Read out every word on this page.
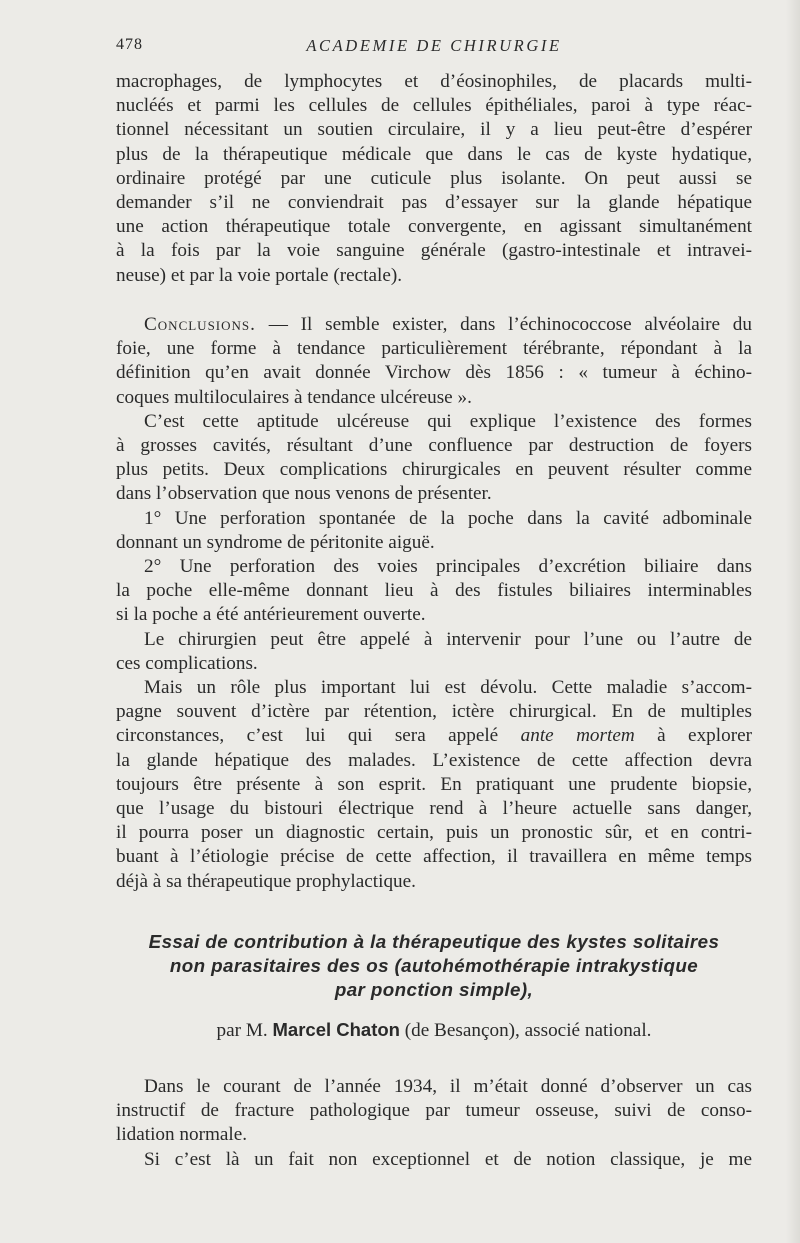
478	ACADEMIE DE CHIRURGIE

macrophages, de lymphocytes et d’éosinophiles, de placards multi-

nucléés et parmi les cellules de cellules épithéliales, paroi à type réac-

tionnel nécessitant un soutien circulaire, il y a lieu peut-être d’espérer

plus de la thérapeutique médicale que dans le cas de kyste hydatique,

ordinaire protégé par une cuticule plus isolante. On peut aussi se

demander s’il ne conviendrait pas d’essayer sur la glande hépatique

une action thérapeutique totale convergente, en agissant simultanément

à la fois par la voie sanguine générale (gastro-intestinale et intravei-

neuse) et par la voie portale (rectale).

Conclusions. — Il semble exister, dans l’échinococcose alvéolaire du

foie, une forme à tendance particulièrement térébrante, répondant à la

définition qu’en avait donnée Virchow dès 1856 : « tumeur à échino-

coques multiloculaires à tendance ulcéreuse ».

C’est cette aptitude ulcéreuse qui explique l’existence des formes

à grosses cavités, résultant d’une confluence par destruction de foyers

plus petits. Deux complications chirurgicales en peuvent résulter comme

dans l’observation que nous venons de présenter.

1° Une perforation spontanée de la poche dans la cavité adbominale

donnant un syndrome de péritonite aiguë.

2° Une perforation des voies principales d’excrétion biliaire dans

la poche elle-même donnant lieu à des fistules biliaires interminables

si la poche a été antérieurement ouverte.

Le chirurgien peut être appelé à intervenir pour l’une ou l’autre de

ces complications.

Mais un rôle plus important lui est dévolu. Cette maladie s’accom-

pagne souvent d’ictère par rétention, ictère chirurgical. En de multiples

circonstances, c’est lui qui sera appelé ante mortem à explorer

la glande hépatique des malades. L’existence de cette affection devra

toujours être présente à son esprit. En pratiquant une prudente biopsie,

que l’usage du bistouri électrique rend à l’heure actuelle sans danger,

il pourra poser un diagnostic certain, puis un pronostic sûr, et en contri-

buant à l’étiologie précise de cette affection, il travaillera en même temps

déjà à sa thérapeutique prophylactique.

Essai de contribution à la thérapeutique des kystes solitaires
non parasitaires des os (autohémothérapie intrakystique
par ponction simple),
par M. Marcel Chaton (de Besançon), associé national.

Dans le courant de l’année 1934, il m’était donné d’observer un cas

instructif de fracture pathologique par tumeur osseuse, suivi de conso-

lidation normale.

Si c’est là un fait non exceptionnel et de notion classique, je me
